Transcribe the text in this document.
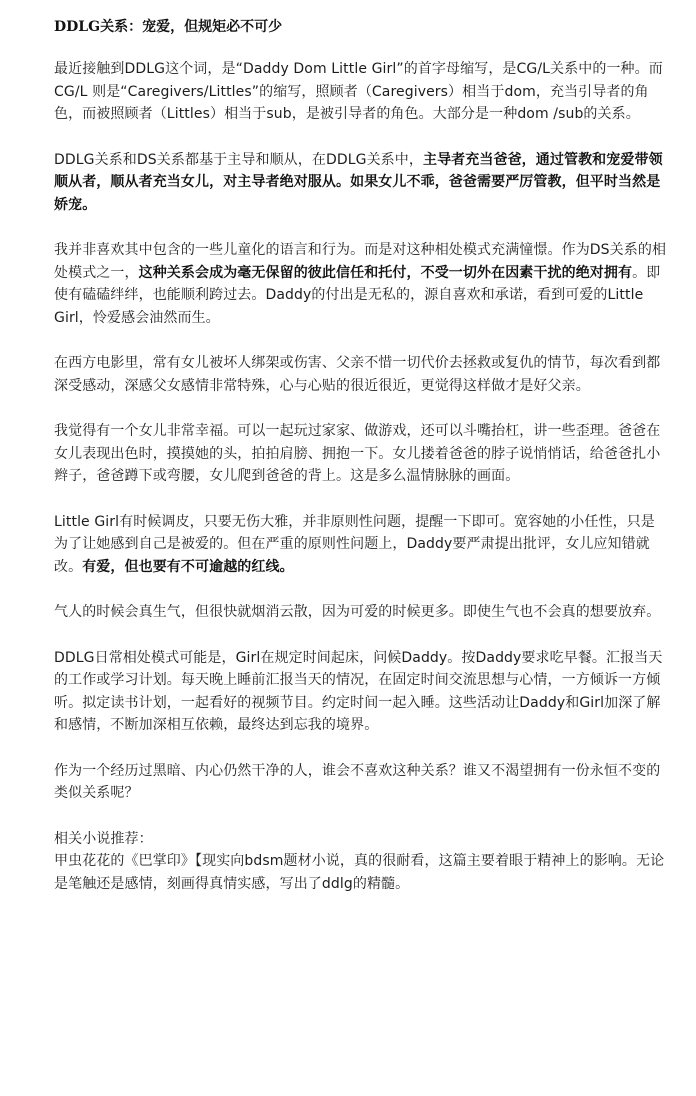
DDLG关系：宠爱，但规矩必不可少
最近接触到DDLG这个词，是“Daddy Dom Little Girl”的首字母缩写，是CG/L关系中的一种。而CG/L 则是“Caregivers/Littles”的缩写，照顾者（Caregivers）相当于dom，充当引导者的角色，而被照顾者（Littles）相当于sub，是被引导者的角色。大部分是一种dom /sub的关系。
DDLG关系和DS关系都基于主导和顺从，在DDLG关系中，主导者充当爸爸，通过管教和宠爱带领顺从者，顺从者充当女儿，对主导者绝对服从。如果女儿不乖，爸爸需要严厉管教，但平时当然是娇宠。
我并非喜欢其中包含的一些儿童化的语言和行为。而是对这种相处模式充满憧憬。作为DS关系的相处模式之一，这种关系会成为毫无保留的彼此信任和托付，不受一切外在因素干扰的绝对拥有。即使有磕磕绊绊，也能顺利跨过去。Daddy的付出是无私的，源自喜欢和承诺，看到可爱的Little Girl，怜爱感会油然而生。
在西方电影里，常有女儿被坏人绑架或伤害、父亲不惜一切代价去拯救或复仇的情节，每次看到都深受感动，深感父女感情非常特殊，心与心贴的很近很近，更觉得这样做才是好父亲。
我觉得有一个女儿非常幸福。可以一起玩过家家、做游戏，还可以斗嘴抬杠，讲一些歪理。爸爸在女儿表现出色时，摸摸她的头，拍拍肩膀、拥抱一下。女儿搂着爸爸的脖子说悄悄话，给爸爸扎小辫子，爸爸蹲下或弯腰，女儿爬到爸爸的背上。这是多么温情脉脉的画面。
Little Girl有时候调皮，只要无伤大雅，并非原则性问题，提醒一下即可。宽容她的小任性，只是为了让她感到自己是被爱的。但在严重的原则性问题上，Daddy要严肃提出批评，女儿应知错就改。有爱，但也要有不可逾越的红线。
气人的时候会真生气，但很快就烟消云散，因为可爱的时候更多。即使生气也不会真的想要放弃。
DDLG日常相处模式可能是，Girl在规定时间起床，问候Daddy。按Daddy要求吃早餐。汇报当天的工作或学习计划。每天晚上睡前汇报当天的情况，在固定时间交流思想与心情，一方倾诉一方倾听。拟定读书计划，一起看好的视频节目。约定时间一起入睡。这些活动让Daddy和Girl加深了解和感情，不断加深相互依赖，最终达到忘我的境界。
作为一个经历过黑暗、内心仍然干净的人，谁会不喜欢这种关系？谁又不渴望拥有一份永恒不变的类似关系呢？
相关小说推荐：
甲虫花花的《巴掌印》【现实向bdsm题材小说，真的很耐看，这篇主要着眼于精神上的影响。无论是笔触还是感情，刻画得真情实感，写出了ddlg的精髓。
